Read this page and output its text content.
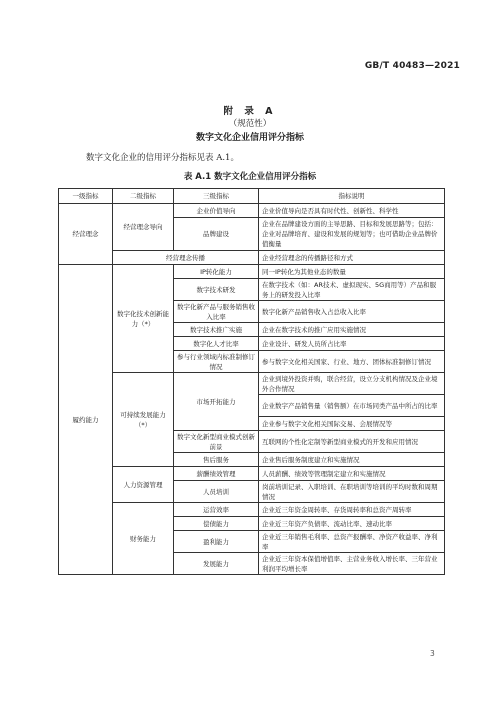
GB/T 40483—2021
附 录 A
（规范性）
数字文化企业信用评分指标
数字文化企业的信用评分指标见表 A.1。
表 A.1 数字文化企业信用评分指标
一级指标	二级指标	三级指标	指标说明
经营理念	经营理念导向	企业价值导向	企业价值导向是否具有时代性、创新性、科学性
		品牌建设	企业在品牌建设方面的主导思路、目标和发展思路等；包括：企业对品牌培育、建设和发展的规划等；也可借助企业品牌价值衡量
	经营理念传播		企业经营理念的传播路径和方式
履约能力	数字化技术创新能力（*）	IP转化能力	同一IP转化为其他业态的数量
		数字技术研发	在数字技术（如：AR技术、虚拟现实、5G商用等）产品和服务上的研发投入比率
		数字化新产品与服务销售收入比率	数字化新产品销售收入占总收入比率
		数字技术推广实施	企业在数字技术的推广应用实施情况
		数字化人才比率	企业设计、研发人员所占比率
		参与行业领域内标准制修订情况	参与数字文化相关国家、行业、地方、团体标准制修订情况
	可持续发展能力（*）	市场开拓能力	企业到境外投资并购，联合经营，设立分支机构情况及企业境外合作情况
			企业数字产品销售量（销售额）在市场同类产品中所占的比率
			企业参与数字文化相关国际交易、会展情况等
		数字文化新型商业模式创新前景	互联网的个性化定制等新型商业模式的开发和应用情况
		售后服务	企业售后服务制度建立和实施情况
	人力资源管理	薪酬绩效管理	人员薪酬、绩效等管理制定建立和实施情况
		人员培训	岗前培训记录、入职培训、在职培训等培训的平均时数和周期情况
	财务能力	运营效率	企业近三年资金周转率、存货周转率和总资产周转率
		偿债能力	企业近三年资产负债率、流动比率、速动比率
		盈利能力	企业近三年销售毛利率、总资产报酬率、净资产收益率、净利率
		发展能力	企业近三年资本保值增值率、主营业务收入增长率、三年营业利润平均增长率
3
